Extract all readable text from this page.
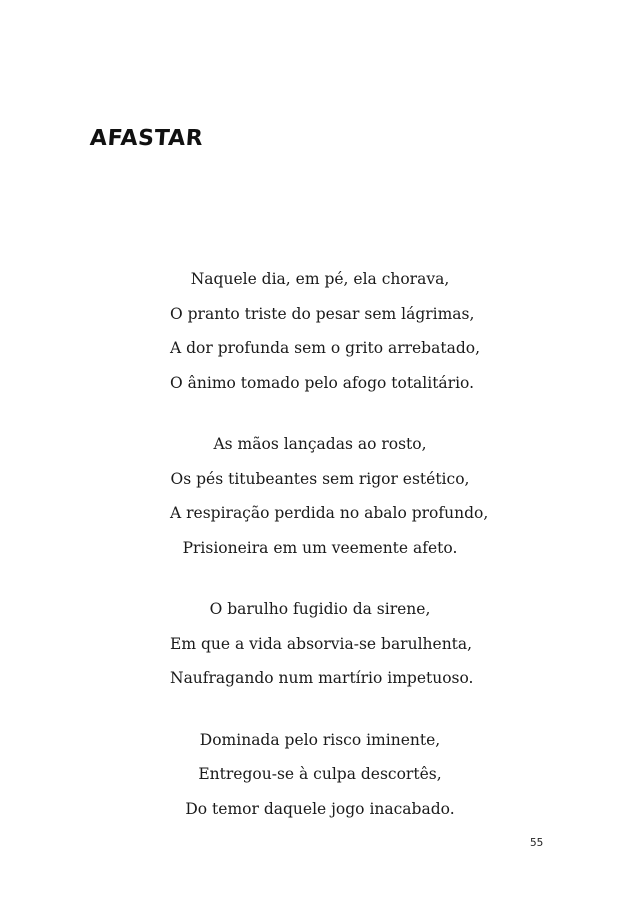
AFASTAR
Naquele dia, em pé, ela chorava,
O pranto triste do pesar sem lágrimas,
A dor profunda sem o grito arrebatado,
O ânimo tomado pelo afogo totalitário.
As mãos lançadas ao rosto,
Os pés titubeantes sem rigor estético,
A respiração perdida no abalo profundo,
Prisioneira em um veemente afeto.
O barulho fugidio da sirene,
Em que a vida absorvia-se barulhenta,
Naufragando num martírio impetuoso.
Dominada pelo risco iminente,
Entregou-se à culpa descortês,
Do temor daquele jogo inacabado.
55
